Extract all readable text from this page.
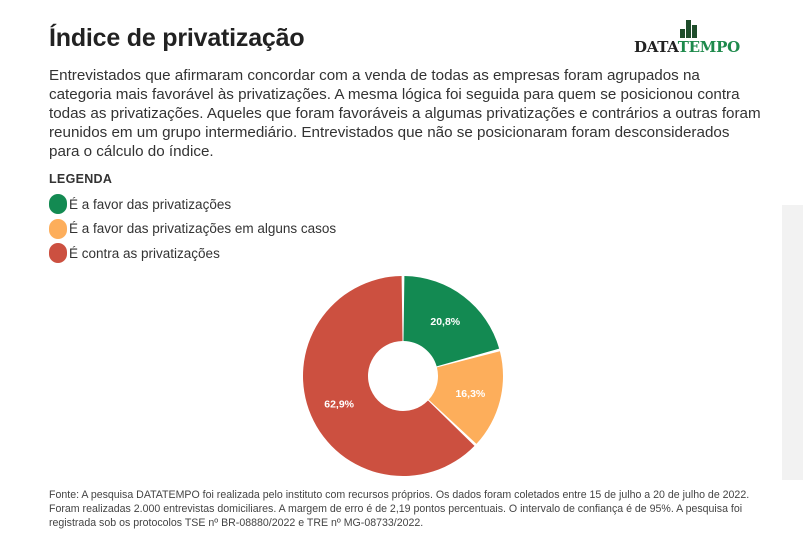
Índice de privatização	DATATEMPO

Entrevistados que afirmaram concordar com a venda de todas as empresas foram agrupados na categoria mais favorável às privatizações. A mesma lógica foi seguida para quem se posicionou contra todas as privatizações. Aqueles que foram favoráveis a algumas privatizações e contrários a outras foram reunidos em um grupo intermediário. Entrevistados que não se posicionaram foram desconsiderados para o cálculo do índice.

LEGENDA
É a favor das privatizações
É a favor das privatizações em alguns casos
É contra as privatizações
20,8%
16,3%
62,9%

Fonte: A pesquisa DATATEMPO foi realizada pelo instituto com recursos próprios. Os dados foram coletados entre 15 de julho a 20 de julho de 2022. Foram realizadas 2.000 entrevistas domiciliares. A margem de erro é de 2,19 pontos percentuais. O intervalo de confiança é de 95%. A pesquisa foi registrada sob os protocolos TSE nº BR-08880/2022 e TRE nº MG-08733/2022.
